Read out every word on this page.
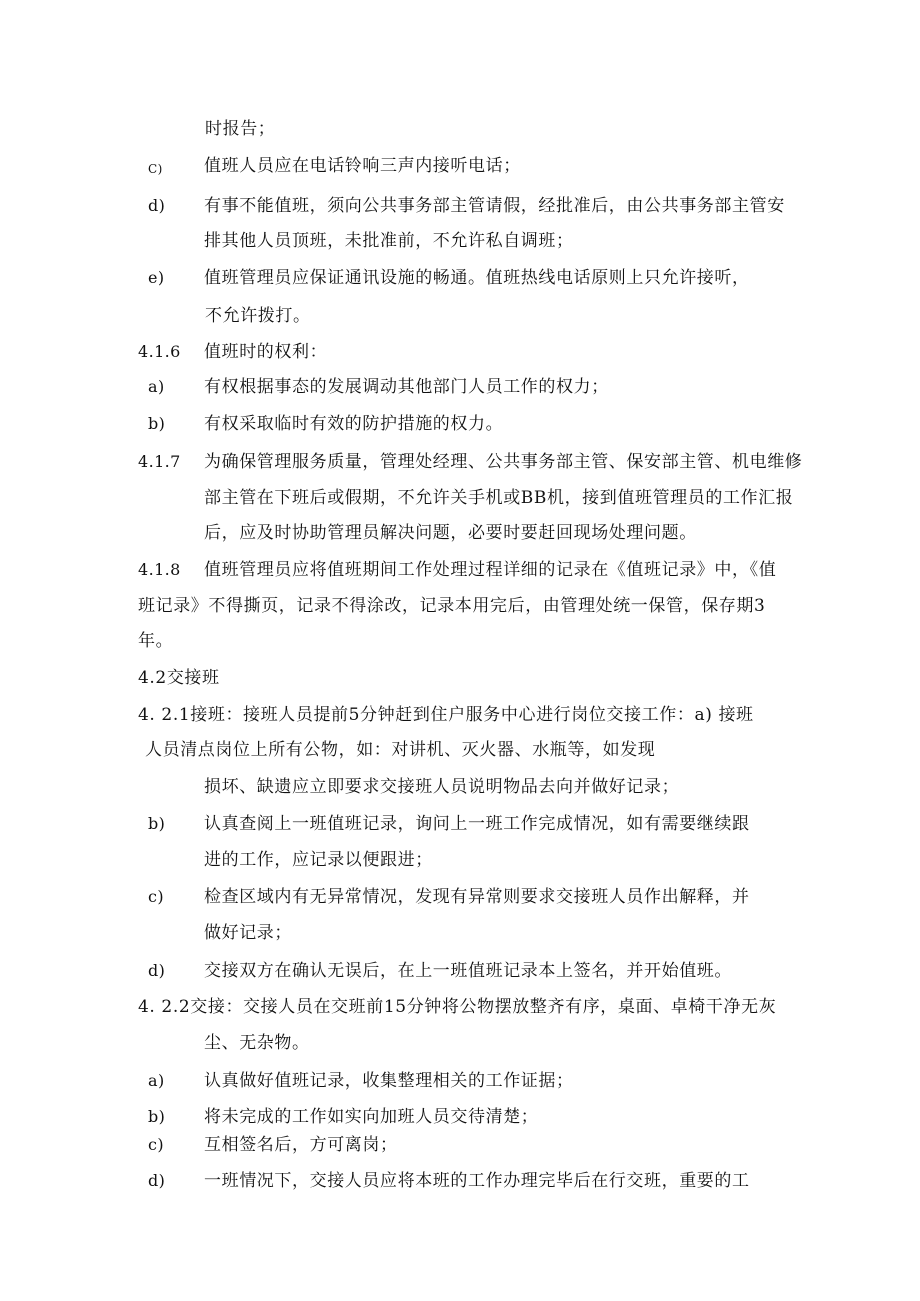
时报告；
C) 值班人员应在电话铃响三声内接听电话；
d) 有事不能值班，须向公共事务部主管请假，经批准后，由公共事务部主管安
排其他人员顶班，未批准前，不允许私自调班；
e) 值班管理员应保证通讯设施的畅通。值班热线电话原则上只允许接听，
不允许拨打。
4.1.6 值班时的权利：
a) 有权根据事态的发展调动其他部门人员工作的权力；
b) 有权采取临时有效的防护措施的权力。
4.1.7 为确保管理服务质量，管理处经理、公共事务部主管、保安部主管、机电维修
部主管在下班后或假期，不允许关手机或BB机，接到值班管理员的工作汇报
后，应及时协助管理员解决问题，必要时要赶回现场处理问题。
4.1.8 值班管理员应将值班期间工作处理过程详细的记录在《值班记录》中，《值
班记录》不得撕页，记录不得涂改，记录本用完后，由管理处统一保管，保存期3
年。
4.2交接班
4. 2.1接班：接班人员提前5分钟赶到住户服务中心进行岗位交接工作：a) 接班
人员清点岗位上所有公物，如：对讲机、灭火器、水瓶等，如发现
损坏、缺遗应立即要求交接班人员说明物品去向并做好记录；
b) 认真查阅上一班值班记录，询问上一班工作完成情况，如有需要继续跟
进的工作，应记录以便跟进；
c) 检查区域内有无异常情况，发现有异常则要求交接班人员作出解释，并
做好记录；
d) 交接双方在确认无误后，在上一班值班记录本上签名，并开始值班。
4. 2.2交接：交接人员在交班前15分钟将公物摆放整齐有序，桌面、卓椅干净无灰
尘、无杂物。
a) 认真做好值班记录，收集整理相关的工作证据；
b) 将未完成的工作如实向加班人员交待清楚；
c) 互相签名后，方可离岗；
d) 一班情况下，交接人员应将本班的工作办理完毕后在行交班，重要的工
